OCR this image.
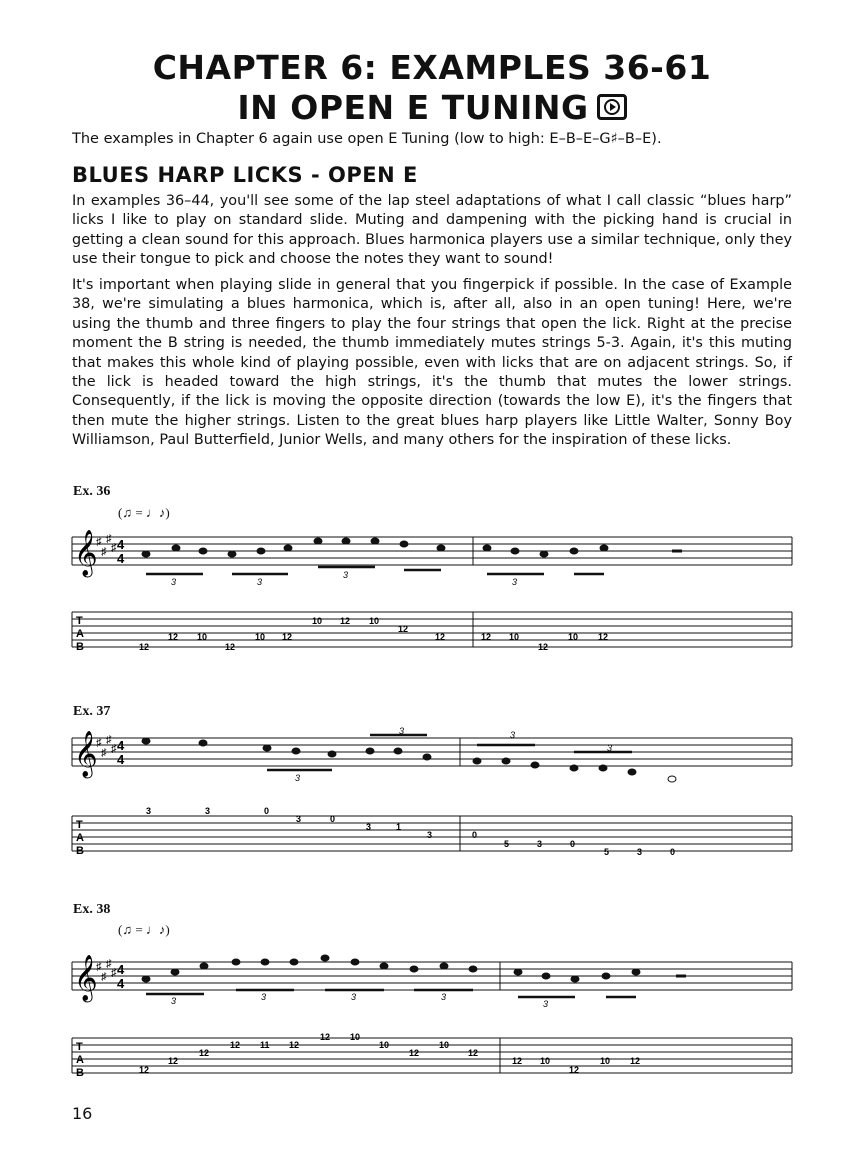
CHAPTER 6: EXAMPLES 36-61
IN OPEN E TUNING

The examples in Chapter 6 again use open E Tuning (low to high: E–B–E–G♯–B–E).

BLUES HARP LICKS - OPEN E

In examples 36–44, you'll see some of the lap steel adaptations of what I call classic “blues harp” licks I like to play on standard slide. Muting and dampening with the picking hand is crucial in getting a clean sound for this approach. Blues harmonica players use a similar technique, only they use their tongue to pick and choose the notes they want to sound!

It's important when playing slide in general that you fingerpick if possible. In the case of Example 38, we're simulating a blues harmonica, which is, after all, also in an open tuning! Here, we're using the thumb and three fingers to play the four strings that open the lick. Right at the precise moment the B string is needed, the thumb immediately mutes strings 5-3. Again, it's this muting that makes this whole kind of playing possible, even with licks that are on adjacent strings. So, if the lick is headed toward the high strings, it's the thumb that mutes the lower strings. Consequently, if the lick is moving the opposite direction (towards the low E), it's the fingers that then mute the higher strings. Listen to the great blues harp players like Little Walter, Sonny Boy Williamson, Paul Butterfield, Junior Wells, and many others for the inspiration of these licks.

Ex. 36
(♫ = ♩♪)
Ex. 37
Ex. 38
(♫ = ♩♪)
𝄞
♯
♯
♯
♯ 4
4
3	3
3
3
T
A
B	12
12 10
12
10 12
10 12 10
12
12	12 10
12
10 12
𝄞
♯
♯
♯
♯ 4
4
3
3	3
3
T
A
B
3	3	0
3	0
3	1
3	0
5	3	0
5	3	0
𝄞
♯
♯
♯
♯ 4
4
3	3	3	3
3
T
A
B	12
12
12
12 11 12
12 10
10
12
10
12
12 10
12
10 12
16
